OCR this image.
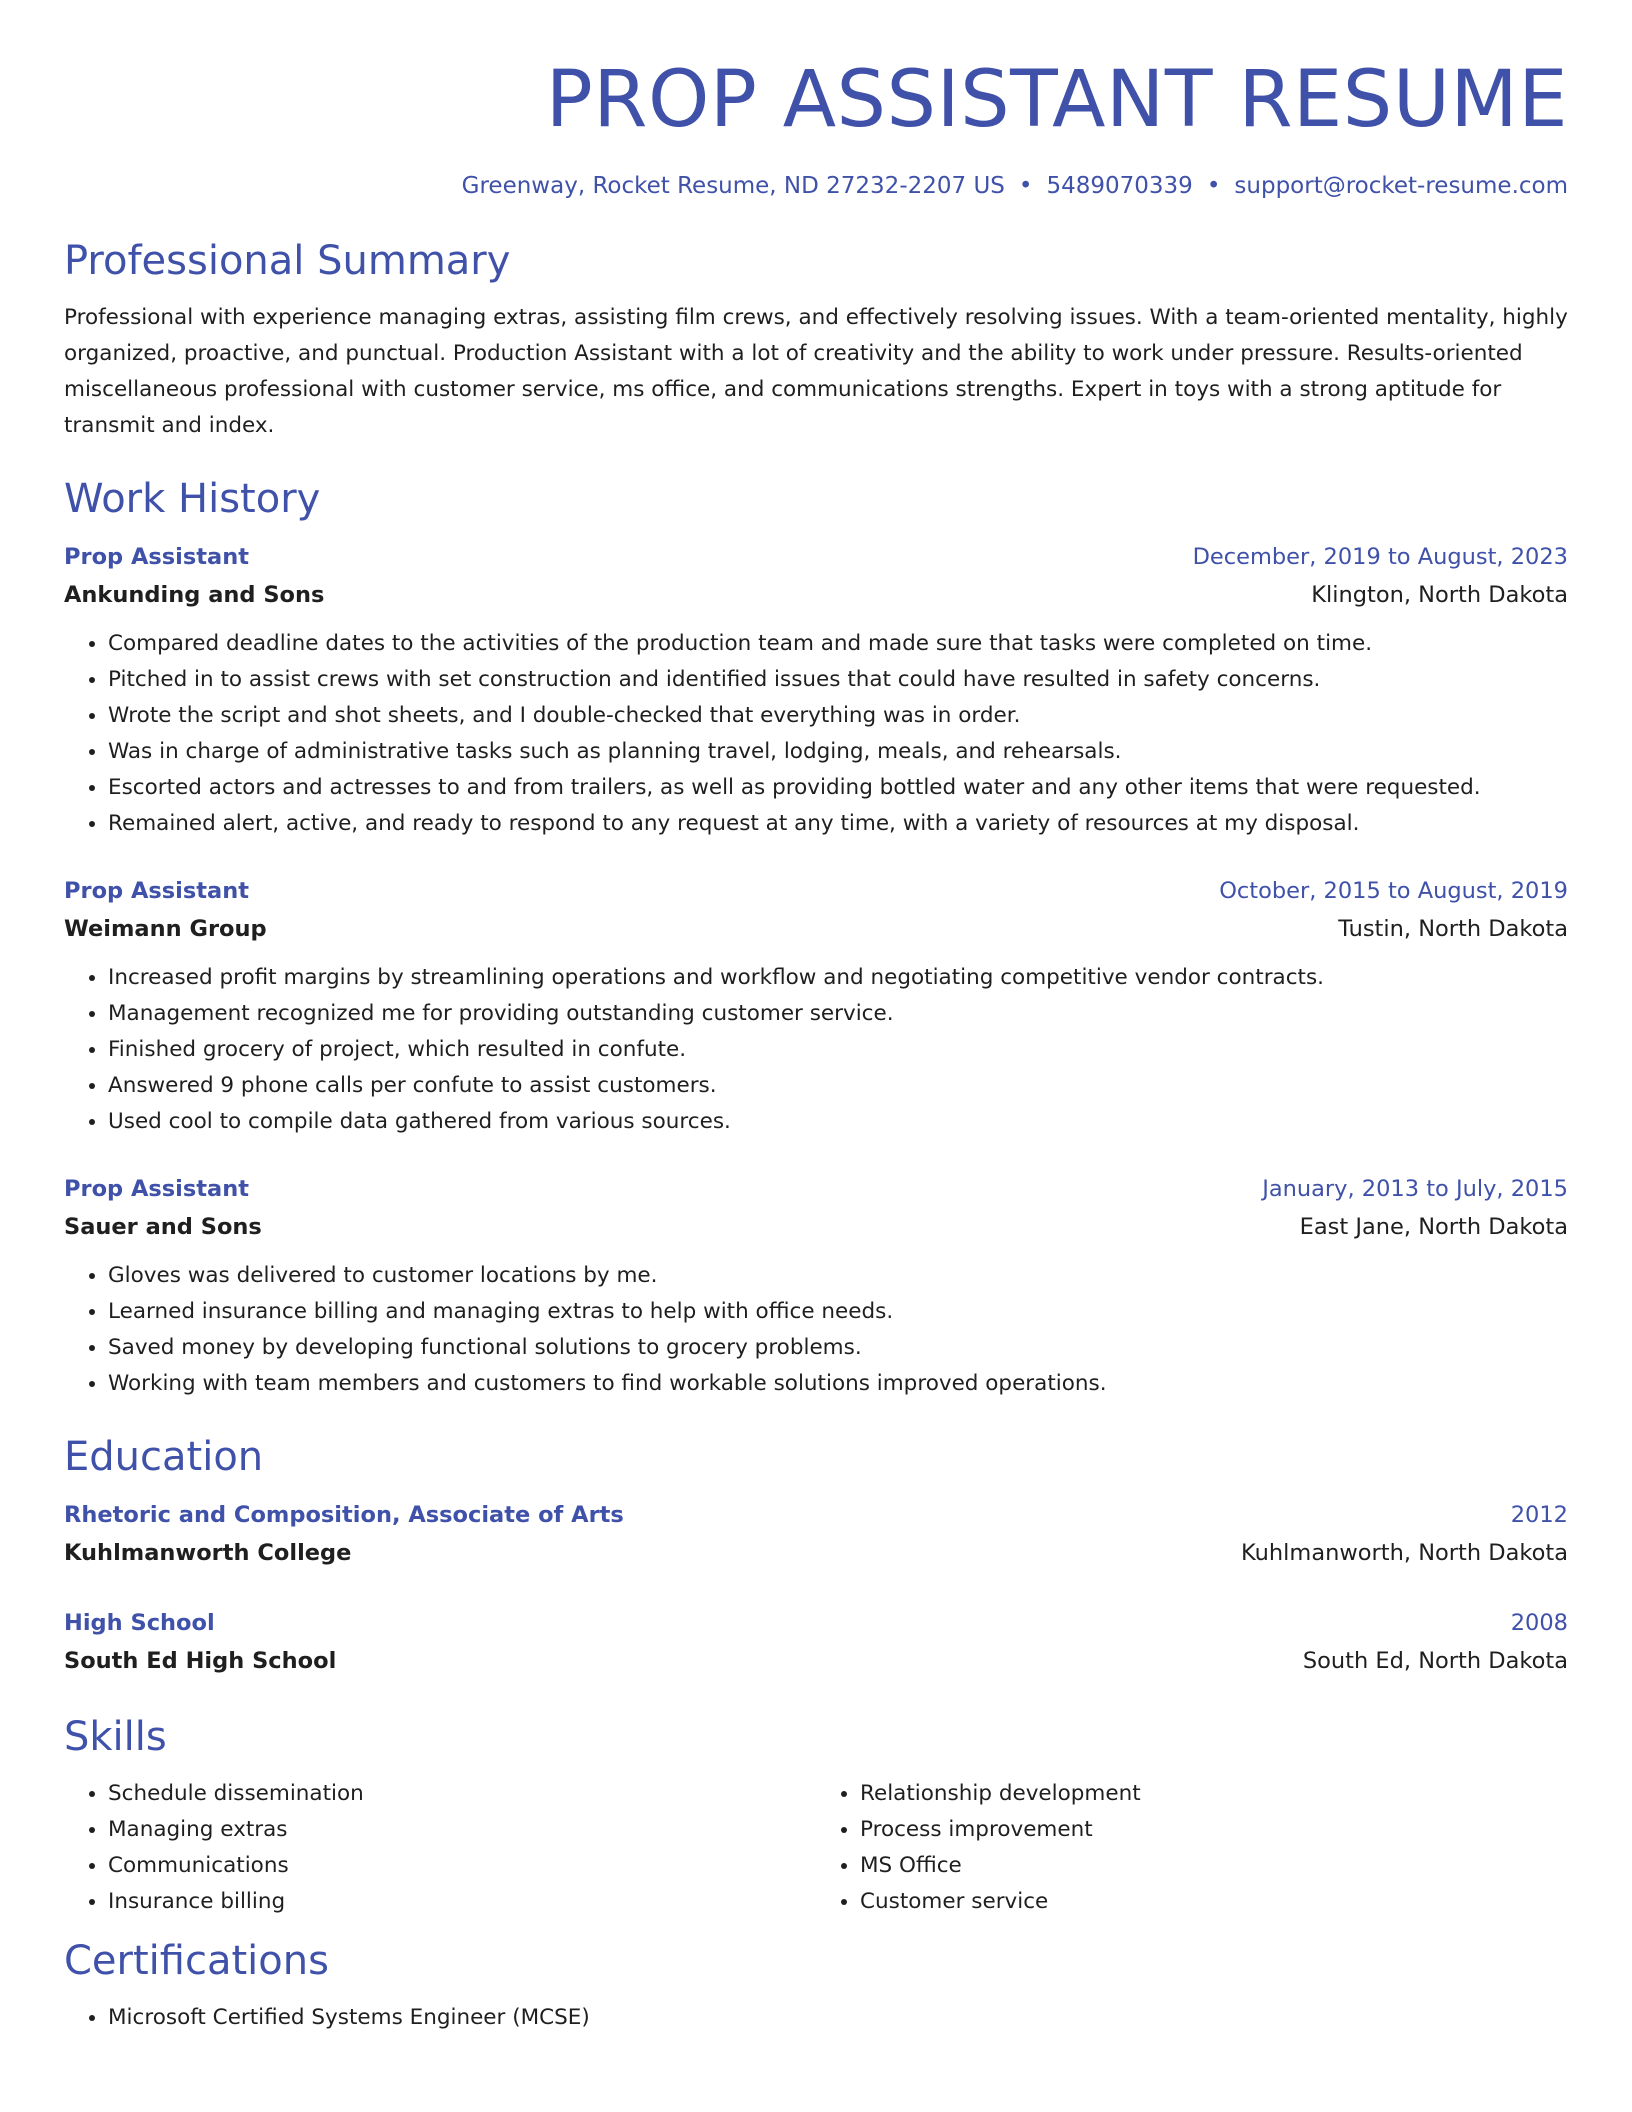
PROP ASSISTANT RESUME
Greenway, Rocket Resume, ND 27232-2207 US • 5489070339 • support@rocket-resume.com
Professional Summary

Professional with experience managing extras, assisting film crews, and effectively resolving issues. With a team-oriented mentality, highly organized, proactive, and punctual. Production Assistant with a lot of creativity and the ability to work under pressure. Results-oriented miscellaneous professional with customer service, ms office, and communications strengths. Expert in toys with a strong aptitude for transmit and index.

Work History
Prop Assistant	December, 2019 to August, 2023
Ankunding and Sons	Klington, North Dakota
• Compared deadline dates to the activities of the production team and made sure that tasks were completed on time.
• Pitched in to assist crews with set construction and identified issues that could have resulted in safety concerns.
• Wrote the script and shot sheets, and I double-checked that everything was in order.
• Was in charge of administrative tasks such as planning travel, lodging, meals, and rehearsals.
• Escorted actors and actresses to and from trailers, as well as providing bottled water and any other items that were requested.
• Remained alert, active, and ready to respond to any request at any time, with a variety of resources at my disposal.
Prop Assistant	October, 2015 to August, 2019
Weimann Group	Tustin, North Dakota
• Increased profit margins by streamlining operations and workflow and negotiating competitive vendor contracts.
• Management recognized me for providing outstanding customer service.
• Finished grocery of project, which resulted in confute.
• Answered 9 phone calls per confute to assist customers.
• Used cool to compile data gathered from various sources.
Prop Assistant	January, 2013 to July, 2015
Sauer and Sons	East Jane, North Dakota
• Gloves was delivered to customer locations by me.
• Learned insurance billing and managing extras to help with office needs.
• Saved money by developing functional solutions to grocery problems.
• Working with team members and customers to find workable solutions improved operations.
Education
Rhetoric and Composition, Associate of Arts	2012
Kuhlmanworth College	Kuhlmanworth, North Dakota
High School	2008
South Ed High School	South Ed, North Dakota
Skills
• Schedule dissemination
• Managing extras
• Communications
• Insurance billing
• Relationship development
• Process improvement
• MS Office
• Customer service
Certifications
• Microsoft Certified Systems Engineer (MCSE)
